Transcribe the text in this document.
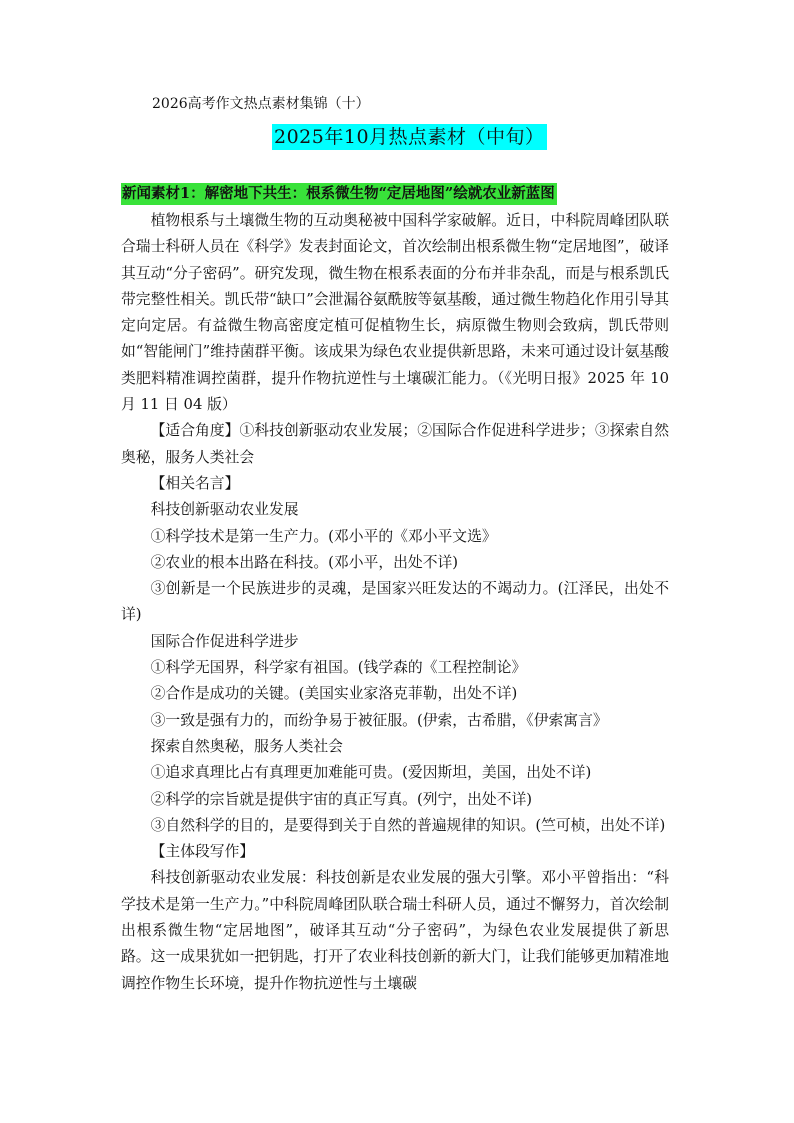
2026高考作文热点素材集锦（十）
2025年10月热点素材（中旬）
新闻素材1：解密地下共生：根系微生物“定居地图”绘就农业新蓝图

植物根系与土壤微生物的互动奥秘被中国科学家破解。近日，中科院周峰团队联合瑞士科研人员在《科学》发表封面论文，首次绘制出根系微生物“定居地图”，破译其互动“分子密码”。研究发现，微生物在根系表面的分布并非杂乱，而是与根系凯氏带完整性相关。凯氏带“缺口”会泄漏谷氨酰胺等氨基酸，通过微生物趋化作用引导其定向定居。有益微生物高密度定植可促植物生长，病原微生物则会致病，凯氏带则如“智能闸门”维持菌群平衡。该成果为绿色农业提供新思路，未来可通过设计氨基酸类肥料精准调控菌群，提升作物抗逆性与土壤碳汇能力。（《光明日报》2025 年 10 月 11 日 04 版）

【适合角度】①科技创新驱动农业发展；②国际合作促进科学进步；③探索自然奥秘，服务人类社会

【相关名言】

科技创新驱动农业发展

①科学技术是第一生产力。(邓小平的《邓小平文选》

②农业的根本出路在科技。(邓小平，出处不详)

③创新是一个民族进步的灵魂，是国家兴旺发达的不竭动力。(江泽民，出处不详)

国际合作促进科学进步

①科学无国界，科学家有祖国。(钱学森的《工程控制论》

②合作是成功的关键。(美国实业家洛克菲勒，出处不详)

③一致是强有力的，而纷争易于被征服。(伊索，古希腊，《伊索寓言》

探索自然奥秘，服务人类社会

①追求真理比占有真理更加难能可贵。(爱因斯坦，美国，出处不详)

②科学的宗旨就是提供宇宙的真正写真。(列宁，出处不详)

③自然科学的目的，是要得到关于自然的普遍规律的知识。(竺可桢，出处不详)

【主体段写作】

科技创新驱动农业发展：科技创新是农业发展的强大引擎。邓小平曾指出：“科学技术是第一生产力。”中科院周峰团队联合瑞士科研人员，通过不懈努力，首次绘制出根系微生物“定居地图”，破译其互动“分子密码”，为绿色农业发展提供了新思路。这一成果犹如一把钥匙，打开了农业科技创新的新大门，让我们能够更加精准地调控作物生长环境，提升作物抗逆性与土壤碳
